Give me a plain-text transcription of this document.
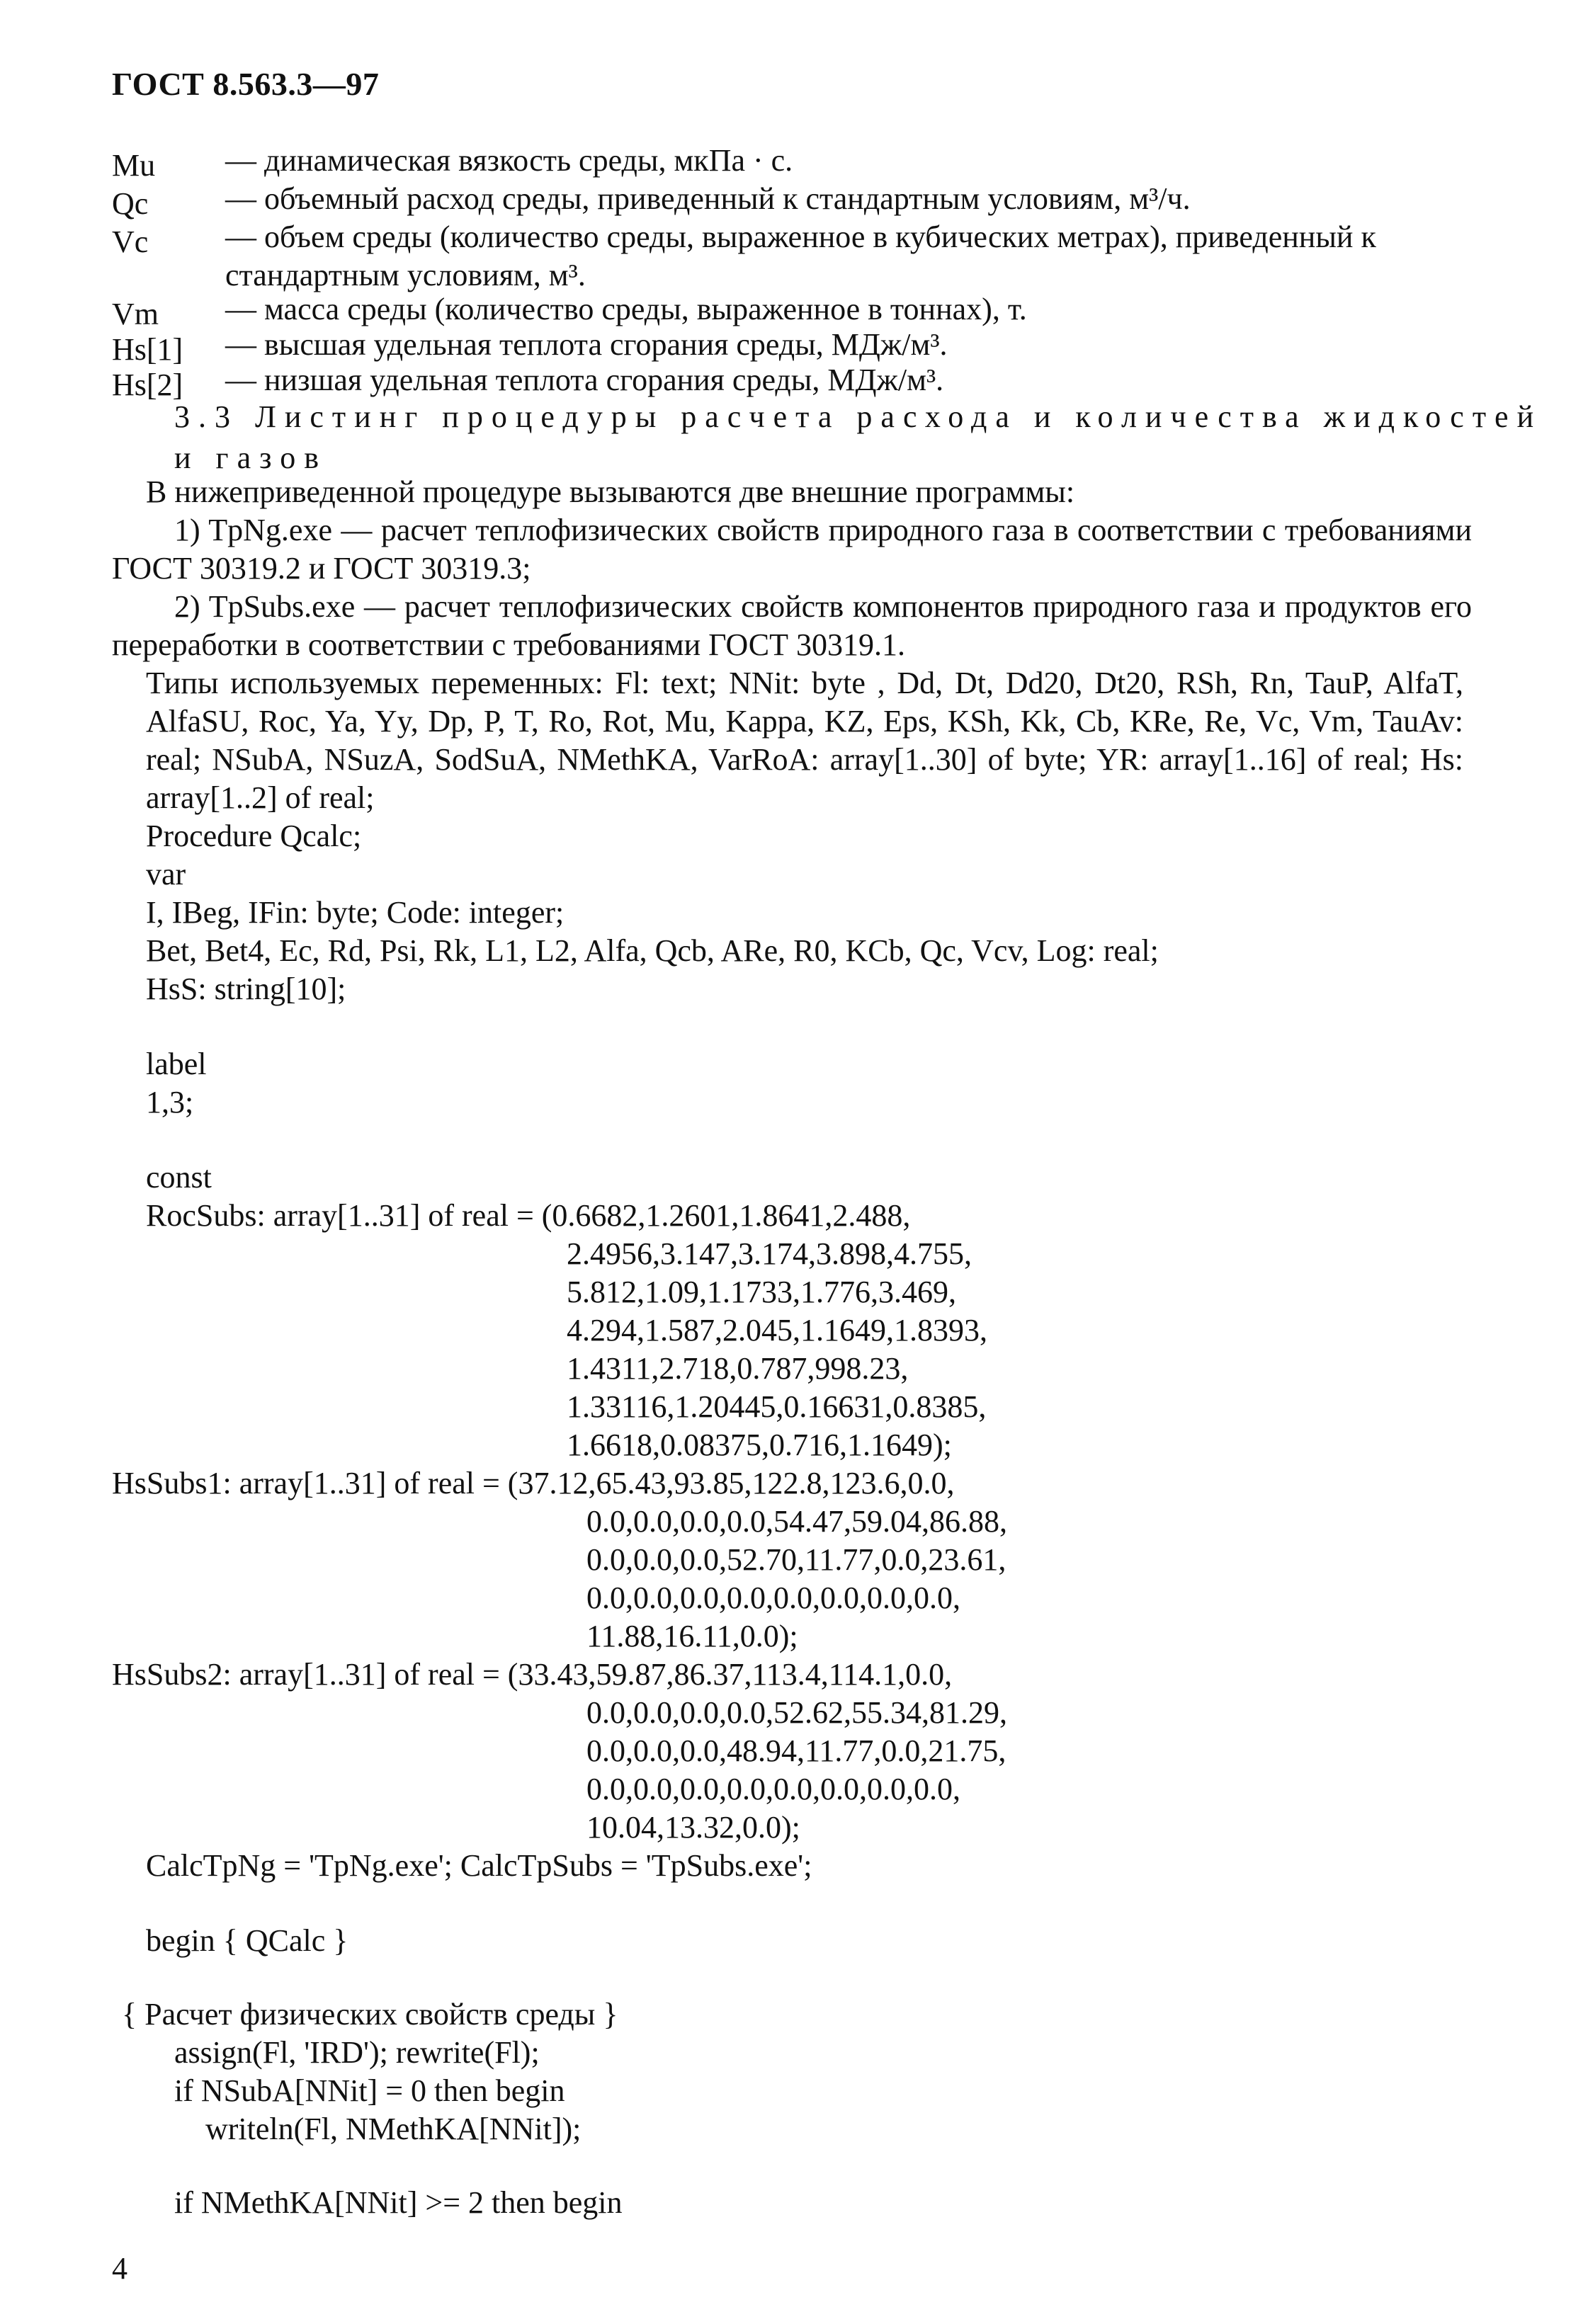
ГОСТ 8.563.3—97
Mu — динамическая вязкость среды, мкПа · с.
Qc — объемный расход среды, приведенный к стандартным условиям, м³/ч.
Vc — объем среды (количество среды, выраженное в кубических метрах), приведенный к стандартным условиям, м³.
Vm — масса среды (количество среды, выраженное в тоннах), т.
Hs[1] — высшая удельная теплота сгорания среды, МДж/м³.
Hs[2] — низшая удельная теплота сгорания среды, МДж/м³.
3.3 Листинг процедуры расчета расхода и количества жидкостей и газов
В нижеприведенной процедуре вызываются две внешние программы:
1) TpNg.exe — расчет теплофизических свойств природного газа в соответствии с требованиями ГОСТ 30319.2 и ГОСТ 30319.3;
2) TpSubs.exe — расчет теплофизических свойств компонентов природного газа и продуктов его переработки в соответствии с требованиями ГОСТ 30319.1.
Типы используемых переменных: Fl: text; NNit: byte , Dd, Dt, Dd20, Dt20, RSh, Rn, TauP, AlfaT, AlfaSU, Roc, Ya, Yy, Dp, P, T, Ro, Rot, Mu, Kappa, KZ, Eps, KSh, Kk, Cb, KRe, Re, Vc, Vm, TauAv: real; NSubA, NSuzA, SodSuA, NMethKA, VarRoA: array[1..30] of byte; YR: array[1..16] of real; Hs: array[1..2] of real;
Procedure Qcalc;
var
I, IBeg, IFin: byte; Code: integer;
Bet, Bet4, Ec, Rd, Psi, Rk, L1, L2, Alfa, Qcb, ARe, R0, KCb, Qc, Vcv, Log: real;
HsS: string[10];
label
1,3;
const
RocSubs: array[1..31] of real = (0.6682,1.2601,1.8641,2.488,
2.4956,3.147,3.174,3.898,4.755,
5.812,1.09,1.1733,1.776,3.469,
4.294,1.587,2.045,1.1649,1.8393,
1.4311,2.718,0.787,998.23,
1.33116,1.20445,0.16631,0.8385,
1.6618,0.08375,0.716,1.1649);
HsSubs1: array[1..31] of real = (37.12,65.43,93.85,122.8,123.6,0.0,
0.0,0.0,0.0,0.0,54.47,59.04,86.88,
0.0,0.0,0.0,52.70,11.77,0.0,23.61,
0.0,0.0,0.0,0.0,0.0,0.0,0.0,0.0,
11.88,16.11,0.0);
HsSubs2: array[1..31] of real = (33.43,59.87,86.37,113.4,114.1,0.0,
0.0,0.0,0.0,0.0,52.62,55.34,81.29,
0.0,0.0,0.0,48.94,11.77,0.0,21.75,
0.0,0.0,0.0,0.0,0.0,0.0,0.0,0.0,
10.04,13.32,0.0);
CalcTpNg = 'TpNg.exe'; CalcTpSubs = 'TpSubs.exe';
begin { QCalc }
{ Расчет физических свойств среды }
assign(Fl, 'IRD'); rewrite(Fl);
if NSubA[NNit] = 0 then begin
writeln(Fl, NMethKA[NNit]);
if NMethKA[NNit] >= 2 then begin
4
